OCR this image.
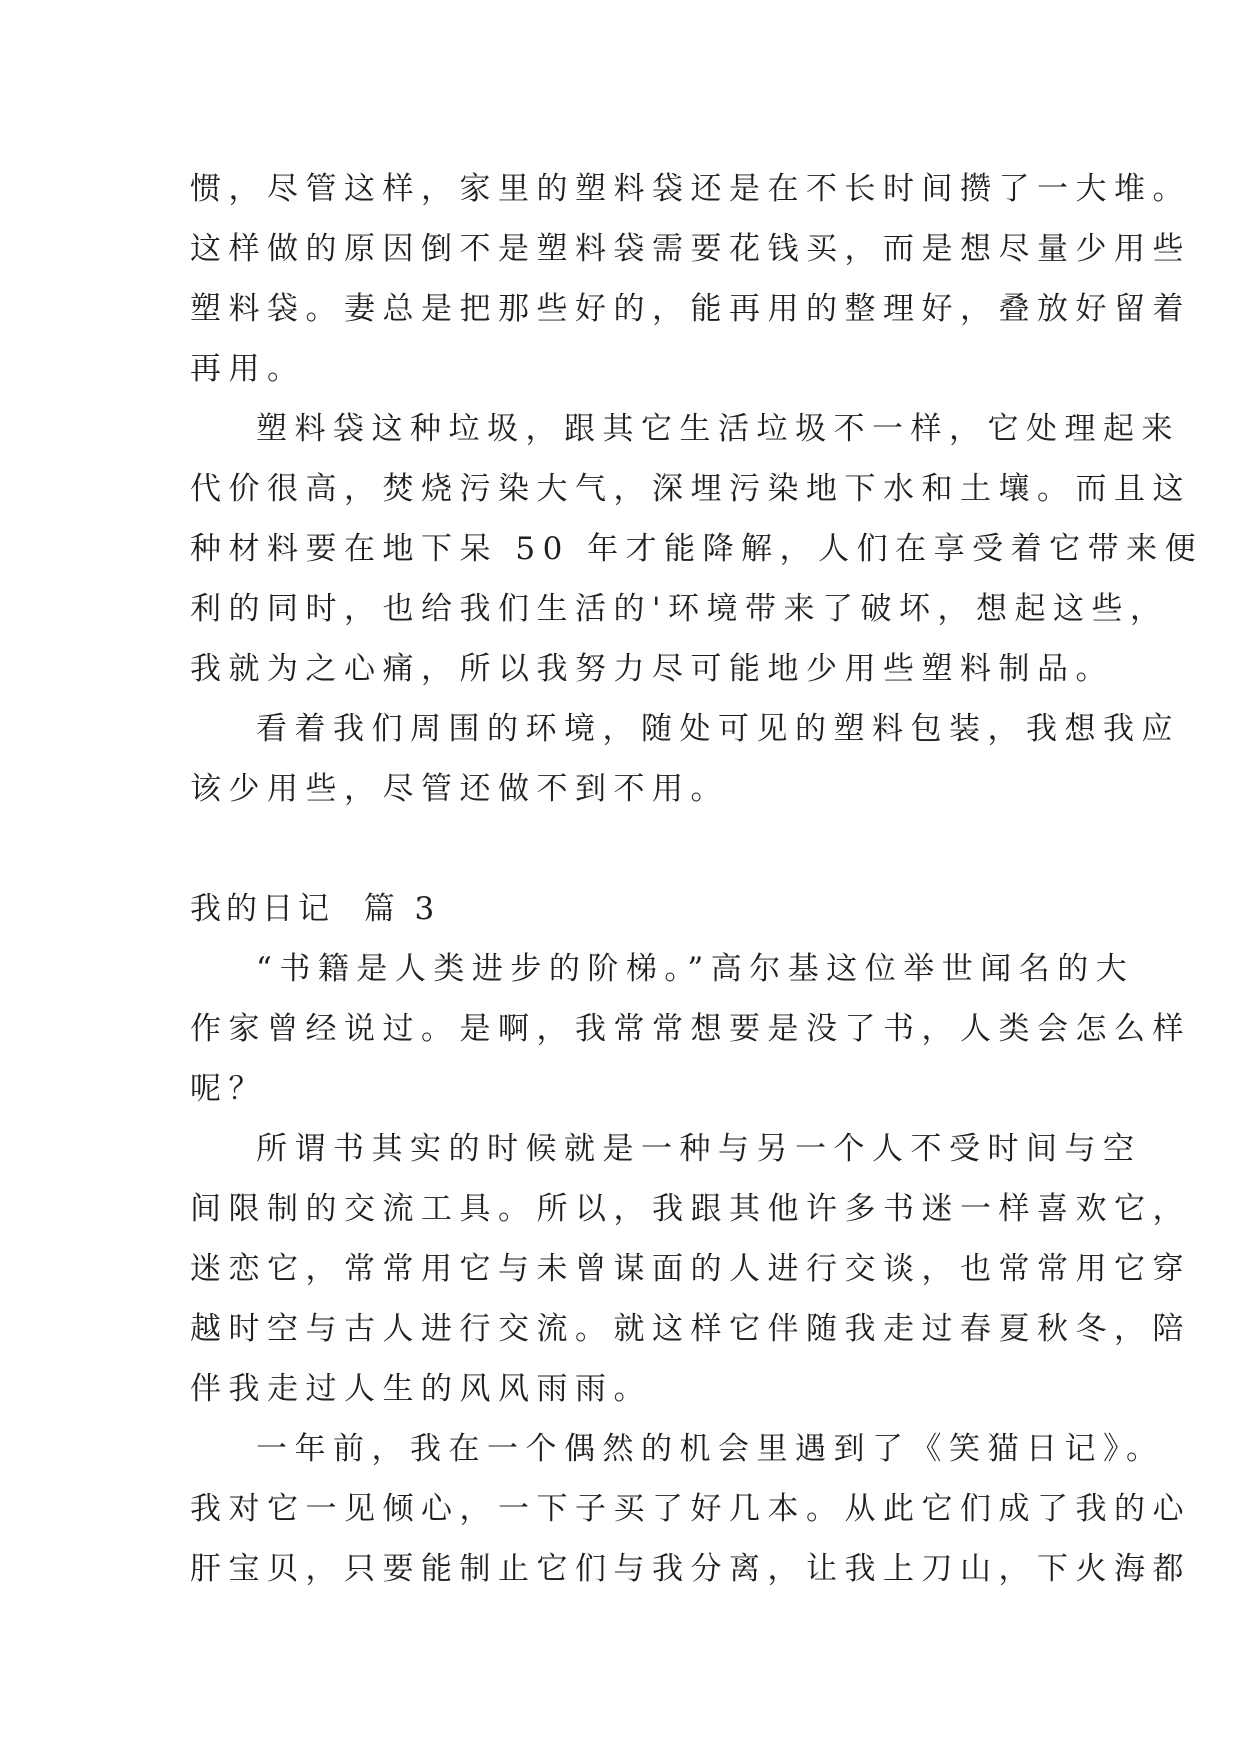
惯，尽管这样，家里的塑料袋还是在不长时间攒了一大堆。
这样做的原因倒不是塑料袋需要花钱买，而是想尽量少用些
塑料袋。妻总是把那些好的，能再用的整理好，叠放好留着
再用。
塑料袋这种垃圾，跟其它生活垃圾不一样，它处理起来
代价很高，焚烧污染大气，深埋污染地下水和土壤。而且这
种材料要在地下呆 50 年才能降解，人们在享受着它带来便
利的同时，也给我们生活的'环境带来了破坏，想起这些，
我就为之心痛，所以我努力尽可能地少用些塑料制品。
看着我们周围的环境，随处可见的塑料包装，我想我应
该少用些，尽管还做不到不用。
我的日记  篇 3
“书籍是人类进步的阶梯。”高尔基这位举世闻名的大
作家曾经说过。是啊，我常常想要是没了书，人类会怎么样
呢？
所谓书其实的时候就是一种与另一个人不受时间与空
间限制的交流工具。所以，我跟其他许多书迷一样喜欢它，
迷恋它，常常用它与未曾谋面的人进行交谈，也常常用它穿
越时空与古人进行交流。就这样它伴随我走过春夏秋冬，陪
伴我走过人生的风风雨雨。
一年前，我在一个偶然的机会里遇到了《笑猫日记》。
我对它一见倾心，一下子买了好几本。从此它们成了我的心
肝宝贝，只要能制止它们与我分离，让我上刀山，下火海都
